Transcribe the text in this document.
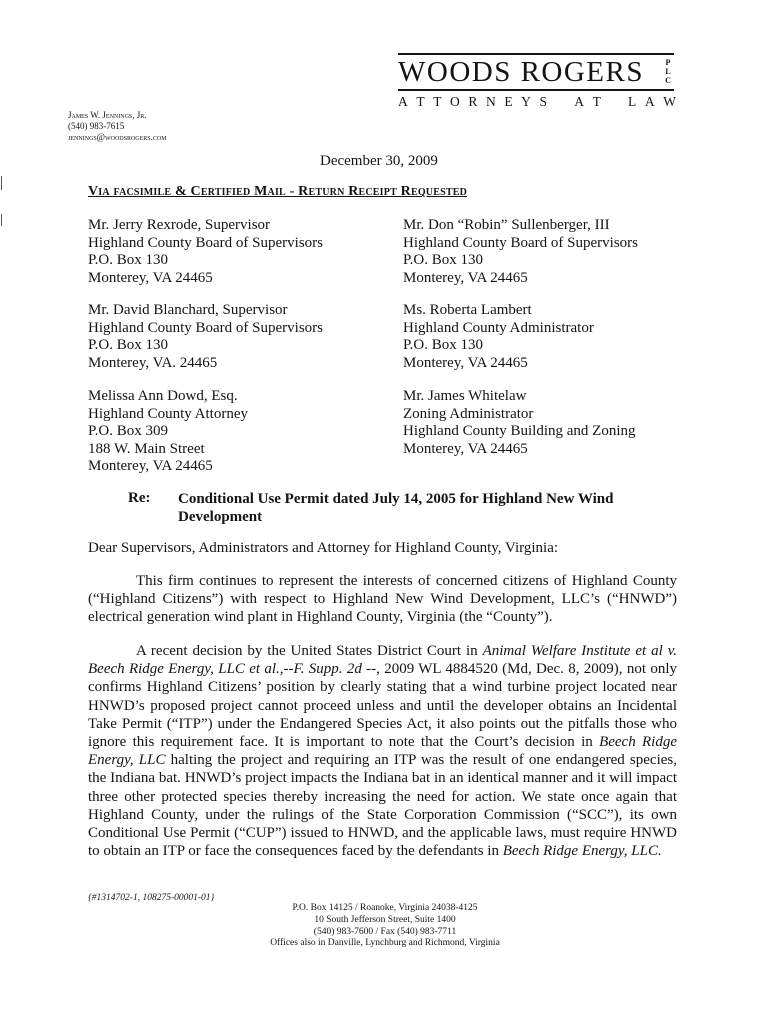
WOODS ROGERS	P
L
C
A T T O R N E Y S A T L A W
James W. Jennings, Jr.
(540) 983-7615
jennings@woodsrogers.com
December 30, 2009
Via facsimile & Certified Mail - Return Receipt Requested
Mr. Jerry Rexrode, Supervisor
Highland County Board of Supervisors
P.O. Box 130
Monterey, VA 24465
Mr. David Blanchard, Supervisor
Highland County Board of Supervisors
P.O. Box 130
Monterey, VA. 24465
Melissa Ann Dowd, Esq.
Highland County Attorney
P.O. Box 309
188 W. Main Street
Monterey, VA 24465
Mr. Don “Robin” Sullenberger, III
Highland County Board of Supervisors
P.O. Box 130
Monterey, VA 24465
Ms. Roberta Lambert
Highland County Administrator
P.O. Box 130
Monterey, VA 24465
Mr. James Whitelaw
Zoning Administrator
Highland County Building and Zoning
Monterey, VA 24465
Re: Conditional Use Permit dated July 14, 2005 for Highland New Wind Development
Dear Supervisors, Administrators and Attorney for Highland County, Virginia:
This firm continues to represent the interests of concerned citizens of Highland County (“Highland Citizens”) with respect to Highland New Wind Development, LLC’s (“HNWD”) electrical generation wind plant in Highland County, Virginia (the “County”).
A recent decision by the United States District Court in Animal Welfare Institute et al v. Beech Ridge Energy, LLC et al.,--F. Supp. 2d --, 2009 WL 4884520 (Md, Dec. 8, 2009), not only confirms Highland Citizens’ position by clearly stating that a wind turbine project located near HNWD’s proposed project cannot proceed unless and until the developer obtains an Incidental Take Permit (“ITP”) under the Endangered Species Act, it also points out the pitfalls those who ignore this requirement face. It is important to note that the Court’s decision in Beech Ridge Energy, LLC halting the project and requiring an ITP was the result of one endangered species, the Indiana bat. HNWD’s project impacts the Indiana bat in an identical manner and it will impact three other protected species thereby increasing the need for action. We state once again that Highland County, under the rulings of the State Corporation Commission (“SCC”), its own Conditional Use Permit (“CUP”) issued to HNWD, and the applicable laws, must require HNWD to obtain an ITP or face the consequences faced by the defendants in Beech Ridge Energy, LLC.
{#1314702-1, 108275-00001-01}
P.O. Box 14125 / Roanoke, Virginia 24038-4125
10 South Jefferson Street, Suite 1400
(540) 983-7600 / Fax (540) 983-7711
Offices also in Danville, Lynchburg and Richmond, Virginia
